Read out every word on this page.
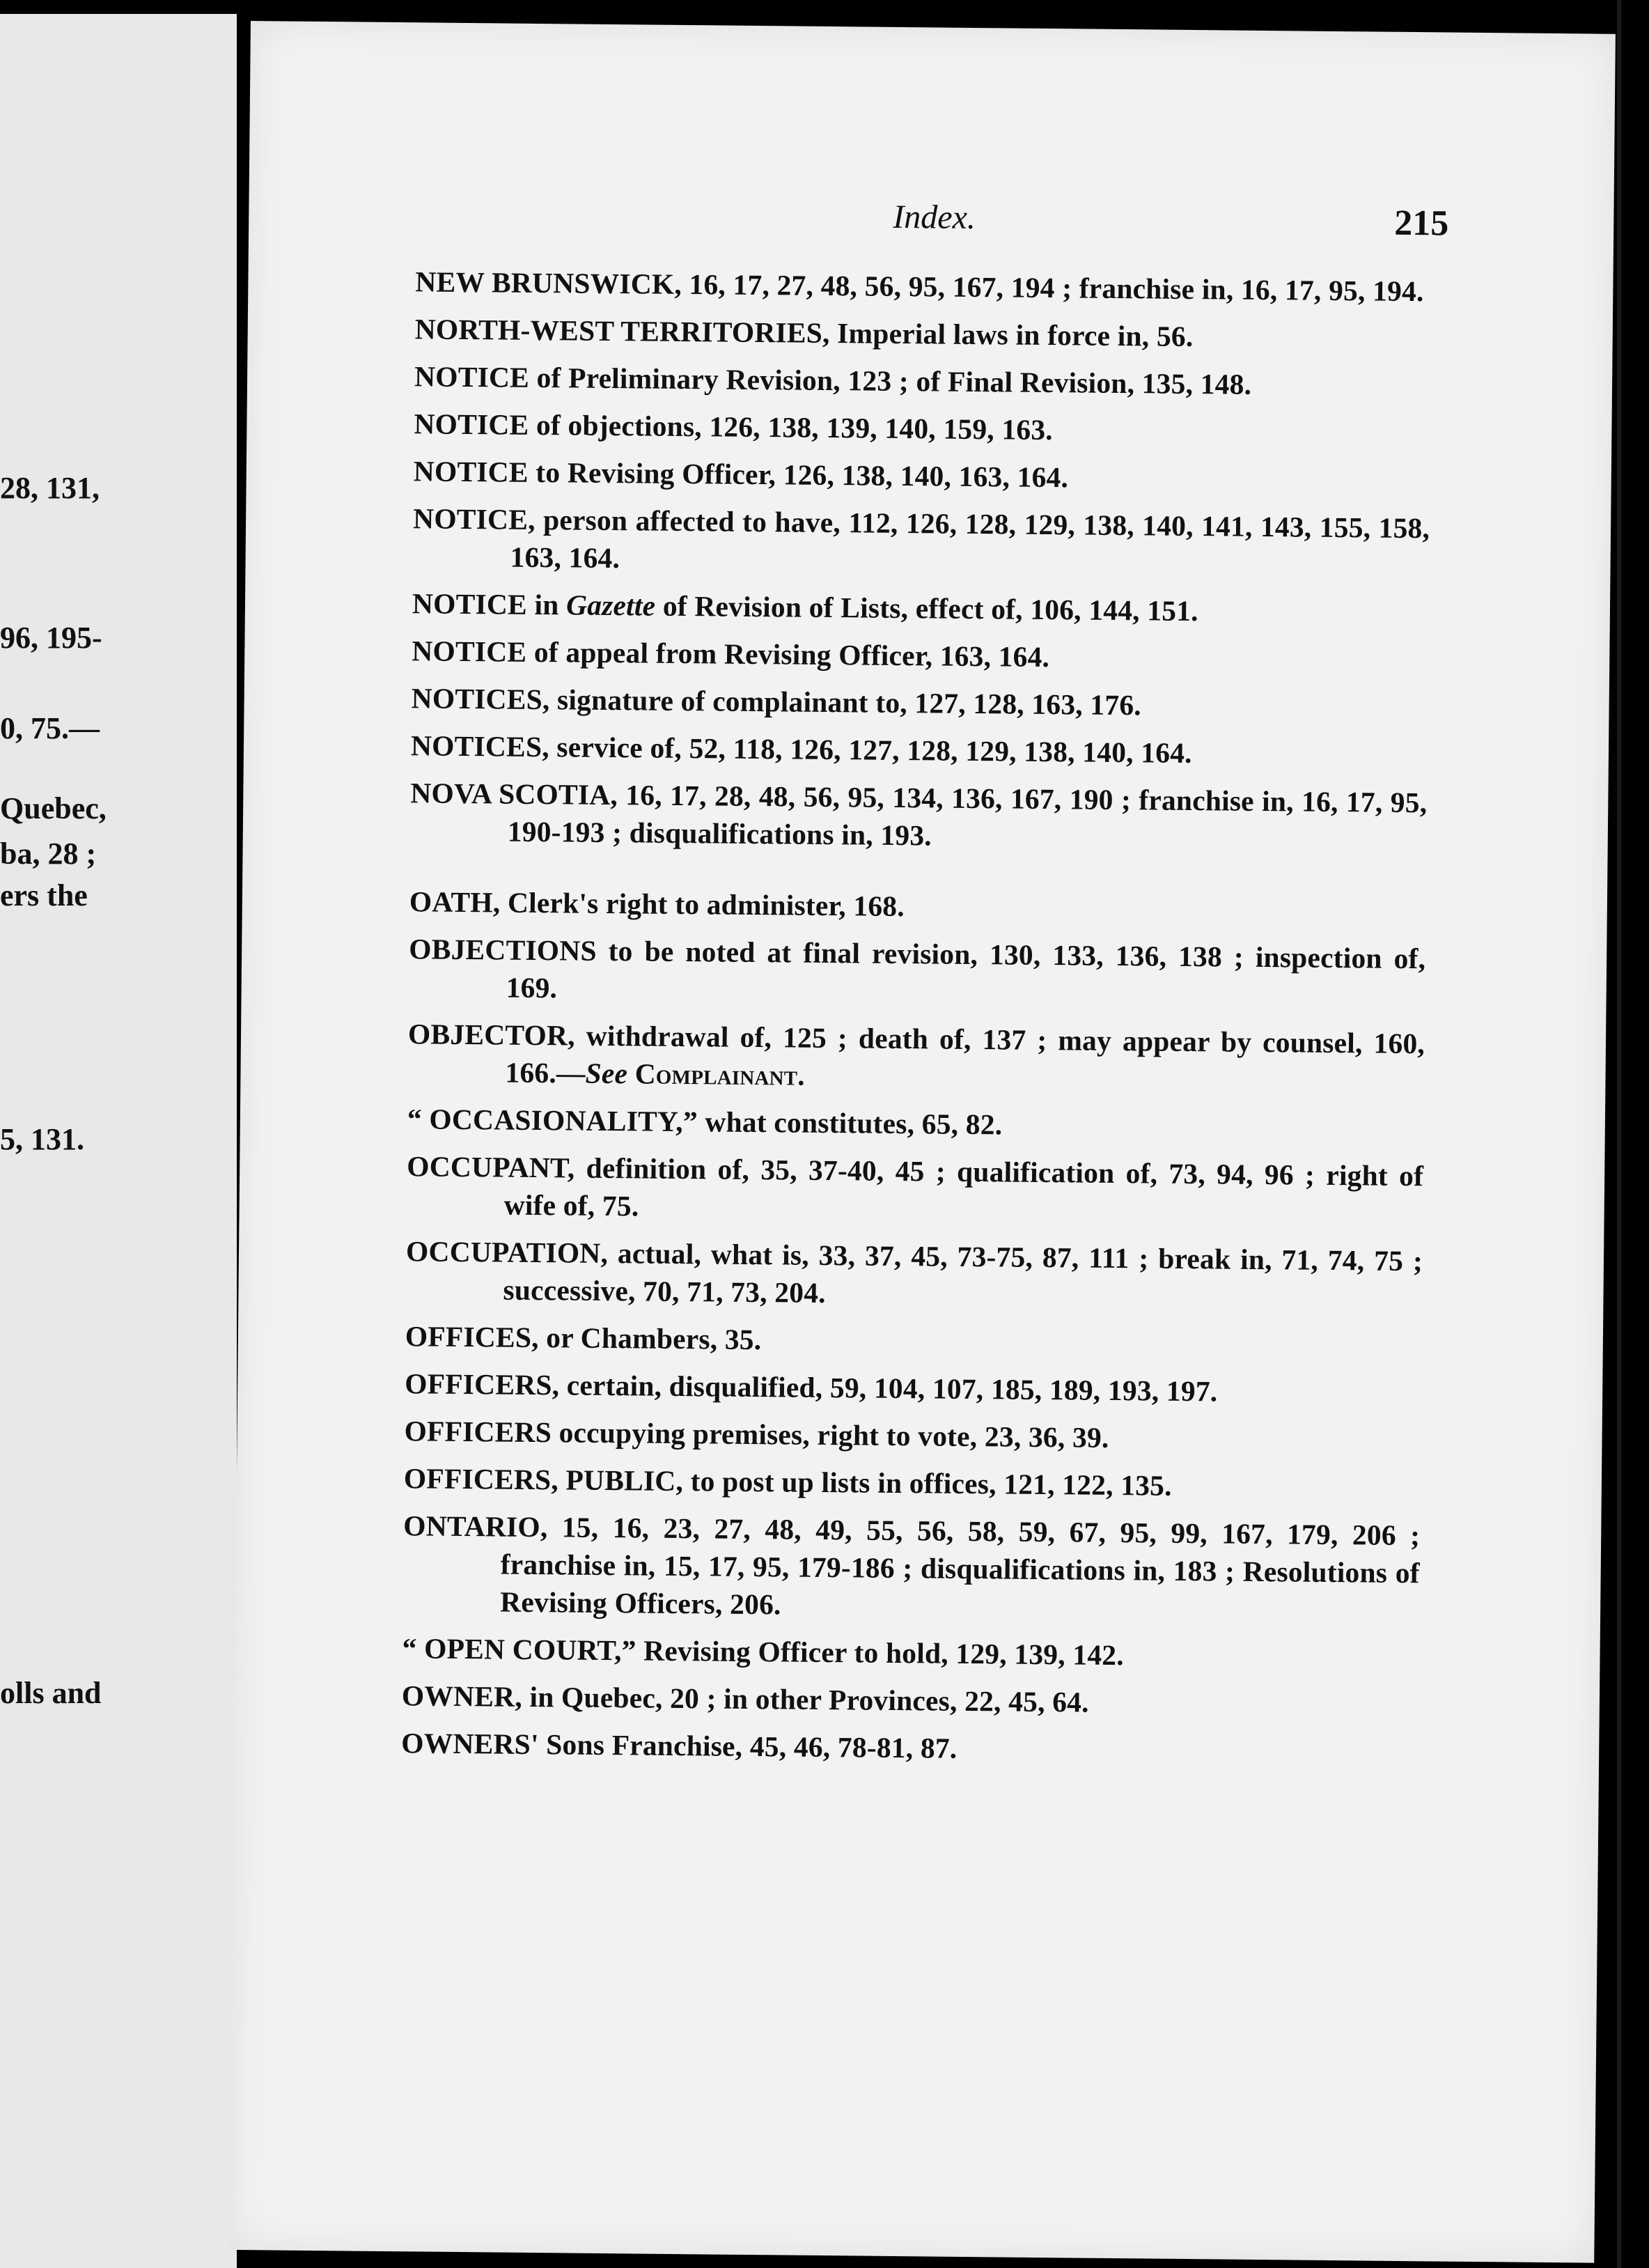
28, 131,
96, 195-
0, 75.—
Quebec,
ba, 28 ;
ers the
5, 131.
olls and
Index.	215

NEW BRUNSWICK, 16, 17, 27, 48, 56, 95, 167, 194 ; franchise in, 16, 17, 95, 194.

NORTH-WEST TERRITORIES, Imperial laws in force in, 56.

NOTICE of Preliminary Revision, 123 ; of Final Revision, 135, 148.

NOTICE of objections, 126, 138, 139, 140, 159, 163.

NOTICE to Revising Officer, 126, 138, 140, 163, 164.

NOTICE, person affected to have, 112, 126, 128, 129, 138, 140, 141, 143, 155, 158, 163, 164.

NOTICE in Gazette of Revision of Lists, effect of, 106, 144, 151.

NOTICE of appeal from Revising Officer, 163, 164.

NOTICES, signature of complainant to, 127, 128, 163, 176.

NOTICES, service of, 52, 118, 126, 127, 128, 129, 138, 140, 164.

NOVA SCOTIA, 16, 17, 28, 48, 56, 95, 134, 136, 167, 190 ; franchise in, 16, 17, 95, 190-193 ; disqualifications in, 193.

OATH, Clerk's right to administer, 168.

OBJECTIONS to be noted at final revision, 130, 133, 136, 138 ; inspection of, 169.

OBJECTOR, withdrawal of, 125 ; death of, 137 ; may appear by counsel, 160, 166.—See Complainant.

“ OCCASIONALITY,” what constitutes, 65, 82.

OCCUPANT, definition of, 35, 37-40, 45 ; qualification of, 73, 94, 96 ; right of wife of, 75.

OCCUPATION, actual, what is, 33, 37, 45, 73-75, 87, 111 ; break in, 71, 74, 75 ; successive, 70, 71, 73, 204.

OFFICES, or Chambers, 35.

OFFICERS, certain, disqualified, 59, 104, 107, 185, 189, 193, 197.

OFFICERS occupying premises, right to vote, 23, 36, 39.

OFFICERS, PUBLIC, to post up lists in offices, 121, 122, 135.

ONTARIO, 15, 16, 23, 27, 48, 49, 55, 56, 58, 59, 67, 95, 99, 167, 179, 206 ; franchise in, 15, 17, 95, 179-186 ; disqualifications in, 183 ; Resolutions of Revising Officers, 206.

“ OPEN COURT,” Revising Officer to hold, 129, 139, 142.

OWNER, in Quebec, 20 ; in other Provinces, 22, 45, 64.

OWNERS' Sons Franchise, 45, 46, 78-81, 87.
